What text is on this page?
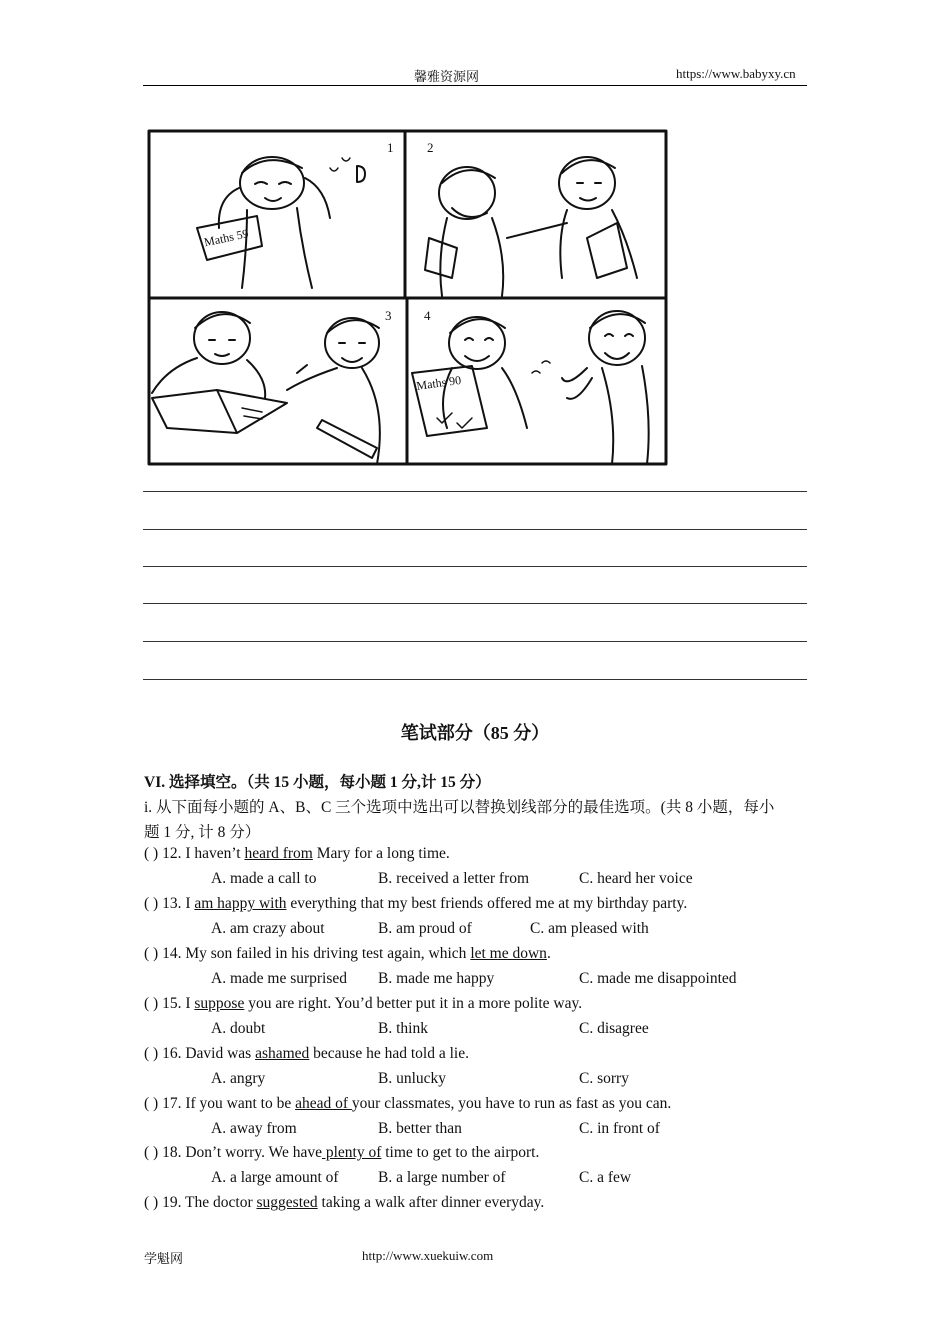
馨雅资源网	https://www.babyxy.cn
1
Maths 59
2
3	4
Maths 90
笔试部分（85 分）
VI. 选择填空。（共 15 小题，每小题 1 分,计 15 分）
i. 从下面每小题的 A、B、C 三个选项中选出可以替换划线部分的最佳选项。(共 8 小题，每小
题 1 分, 计 8 分）
( ) 12. I haven’t heard from Mary for a long time.
A. made a call to	B. received a letter from	C. heard her voice
( ) 13. I am happy with everything that my best friends offered me at my birthday party.
A. am crazy about	B. am proud of	C. am pleased with
( ) 14. My son failed in his driving test again, which let me down.
A. made me surprised B. made me happy	C. made me disappointed
( ) 15. I suppose you are right. You’d better put it in a more polite way.
A. doubt	B. think	C. disagree
( ) 16. David was ashamed because he had told a lie.
A. angry	B. unlucky	C. sorry
( ) 17. If you want to be ahead of your classmates, you have to run as fast as you can.
A. away from	B. better than	C. in front of
( ) 18. Don’t worry. We have plenty of time to get to the airport.
A. a large amount of	B. a large number of	C. a few
( ) 19. The doctor suggested taking a walk after dinner everyday.
学魁网	http://www.xuekuiw.com
